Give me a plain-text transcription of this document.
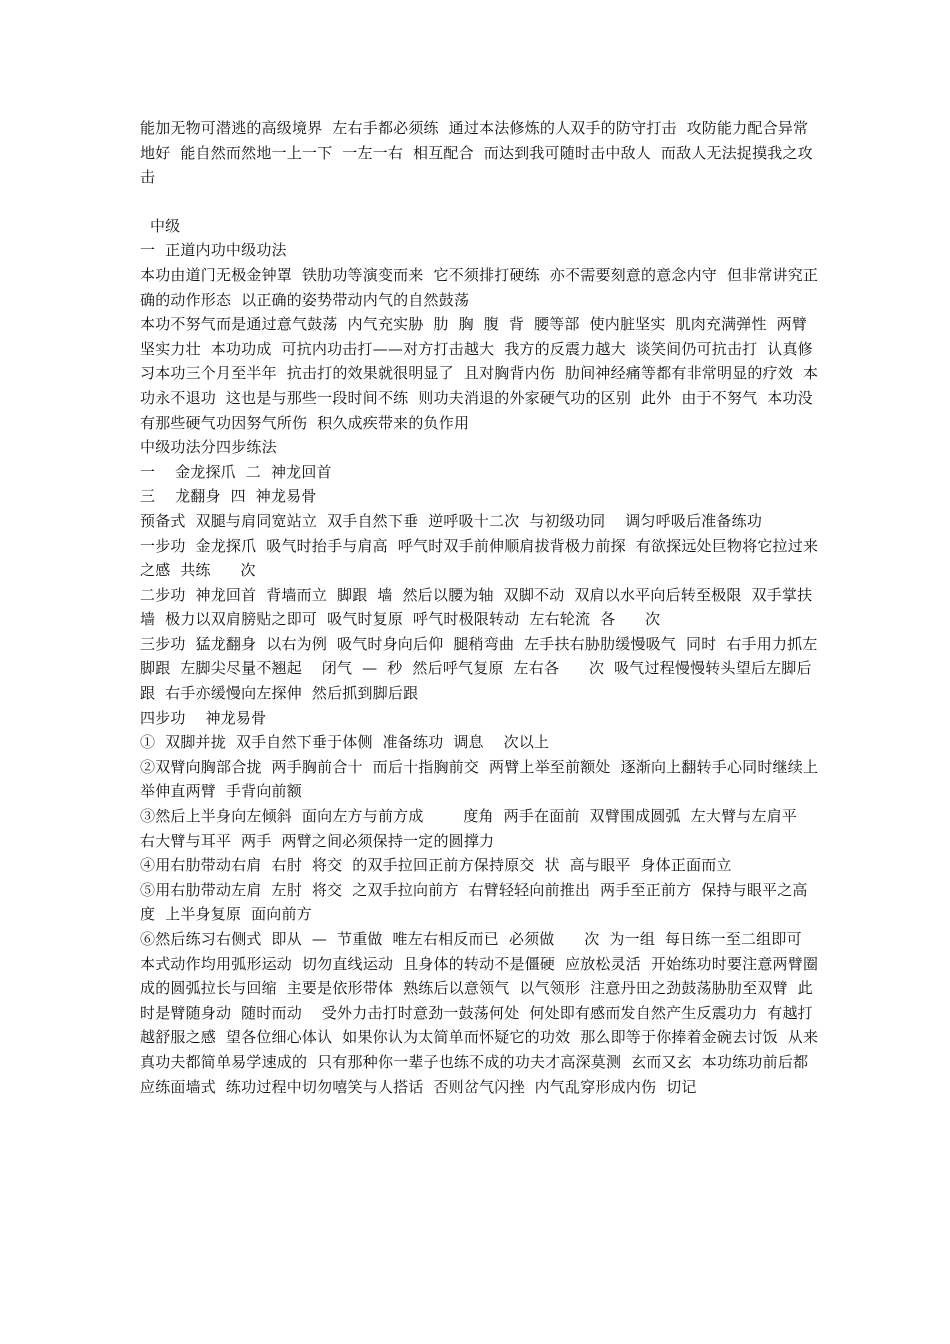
能加无物可潜逃的高级境界  左右手都必须练  通过本法修炼的人双手的防守打击  攻防能力配合异常地好  能自然而然地一上一下  一左一右  相互配合  而达到我可随时击中敌人  而敌人无法捉摸我之攻击

中级

一  正道内功中级功法

本功由道门无极金钟罩  铁肋功等演变而来  它不须排打硬练  亦不需要刻意的意念内守  但非常讲究正确的动作形态  以正确的姿势带动内气的自然鼓荡

本功不努气而是通过意气鼓荡  内气充实胁  肋  胸  腹  背  腰等部  使内脏坚实  肌肉充满弹性  两臂坚实力壮  本功功成  可抗内功击打——对方打击越大  我方的反震力越大  谈笑间仍可抗击打  认真修习本功三个月至半年  抗击打的效果就很明显了  且对胸背内伤  肋间神经痛等都有非常明显的疗效  本功永不退功  这也是与那些一段时间不练  则功夫消退的外家硬气功的区别  此外  由于不努气  本功没有那些硬气功因努气所伤  积久成疾带来的负作用

中级功法分四步练法

一    金龙探爪  二  神龙回首

三    龙翻身  四  神龙易骨

预备式  双腿与肩同宽站立  双手自然下垂  逆呼吸十二次  与初级功同    调匀呼吸后准备练功

一步功  金龙探爪  吸气时抬手与肩高  呼气时双手前伸顺肩拔背极力前探  有欲探远处巨物将它拉过来之感  共练      次

二步功  神龙回首  背墙而立  脚跟  墙  然后以腰为轴  双脚不动  双肩以水平向后转至极限  双手掌扶墙  极力以双肩膀贴之即可  吸气时复原  呼气时极限转动  左右轮流  各      次

三步功  猛龙翻身  以右为例  吸气时身向后仰  腿稍弯曲  左手扶右胁肋缓慢吸气  同时  右手用力抓左脚跟  左脚尖尽量不翘起    闭气  —  秒  然后呼气复原  左右各      次  吸气过程慢慢转头望后左脚后跟  右手亦缓慢向左探伸  然后抓到脚后跟

四步功    神龙易骨

①  双脚并拢  双手自然下垂于体侧  准备练功  调息    次以上

②双臂向胸部合拢  两手胸前合十  而后十指胸前交  两臂上举至前额处  逐渐向上翻转手心同时继续上举伸直两臂  手背向前额

③然后上半身向左倾斜  面向左方与前方成        度角  两手在面前  双臂围成圆弧  左大臂与左肩平  右大臂与耳平  两手  两臂之间必须保持一定的圆撑力

④用右肋带动右肩  右肘  将交  的双手拉回正前方保持原交  状  高与眼平  身体正面而立

⑤用右肋带动左肩  左肘  将交  之双手拉向前方  右臂轻轻向前推出  两手至正前方  保持与眼平之高度  上半身复原  面向前方

⑥然后练习右侧式  即从  —  节重做  唯左右相反而已  必须做      次  为一组  每日练一至二组即可

本式动作均用弧形运动  切勿直线运动  且身体的转动不是僵硬  应放松灵活  开始练功时要注意两臂圈成的圆弧拉长与回缩  主要是依形带体  熟练后以意领气  以气领形  注意丹田之劲鼓荡胁肋至双臂  此时是臂随身动  随时而动    受外力击打时意劲一鼓荡何处  何处即有感而发自然产生反震功力  有越打越舒服之感  望各位细心体认  如果你认为太简单而怀疑它的功效  那么即等于你捧着金碗去讨饭  从来真功夫都简单易学速成的  只有那种你一辈子也练不成的功夫才高深莫测  玄而又玄  本功练功前后都应练面墙式  练功过程中切勿嘻笑与人搭话  否则岔气闪挫  内气乱穿形成内伤  切记
